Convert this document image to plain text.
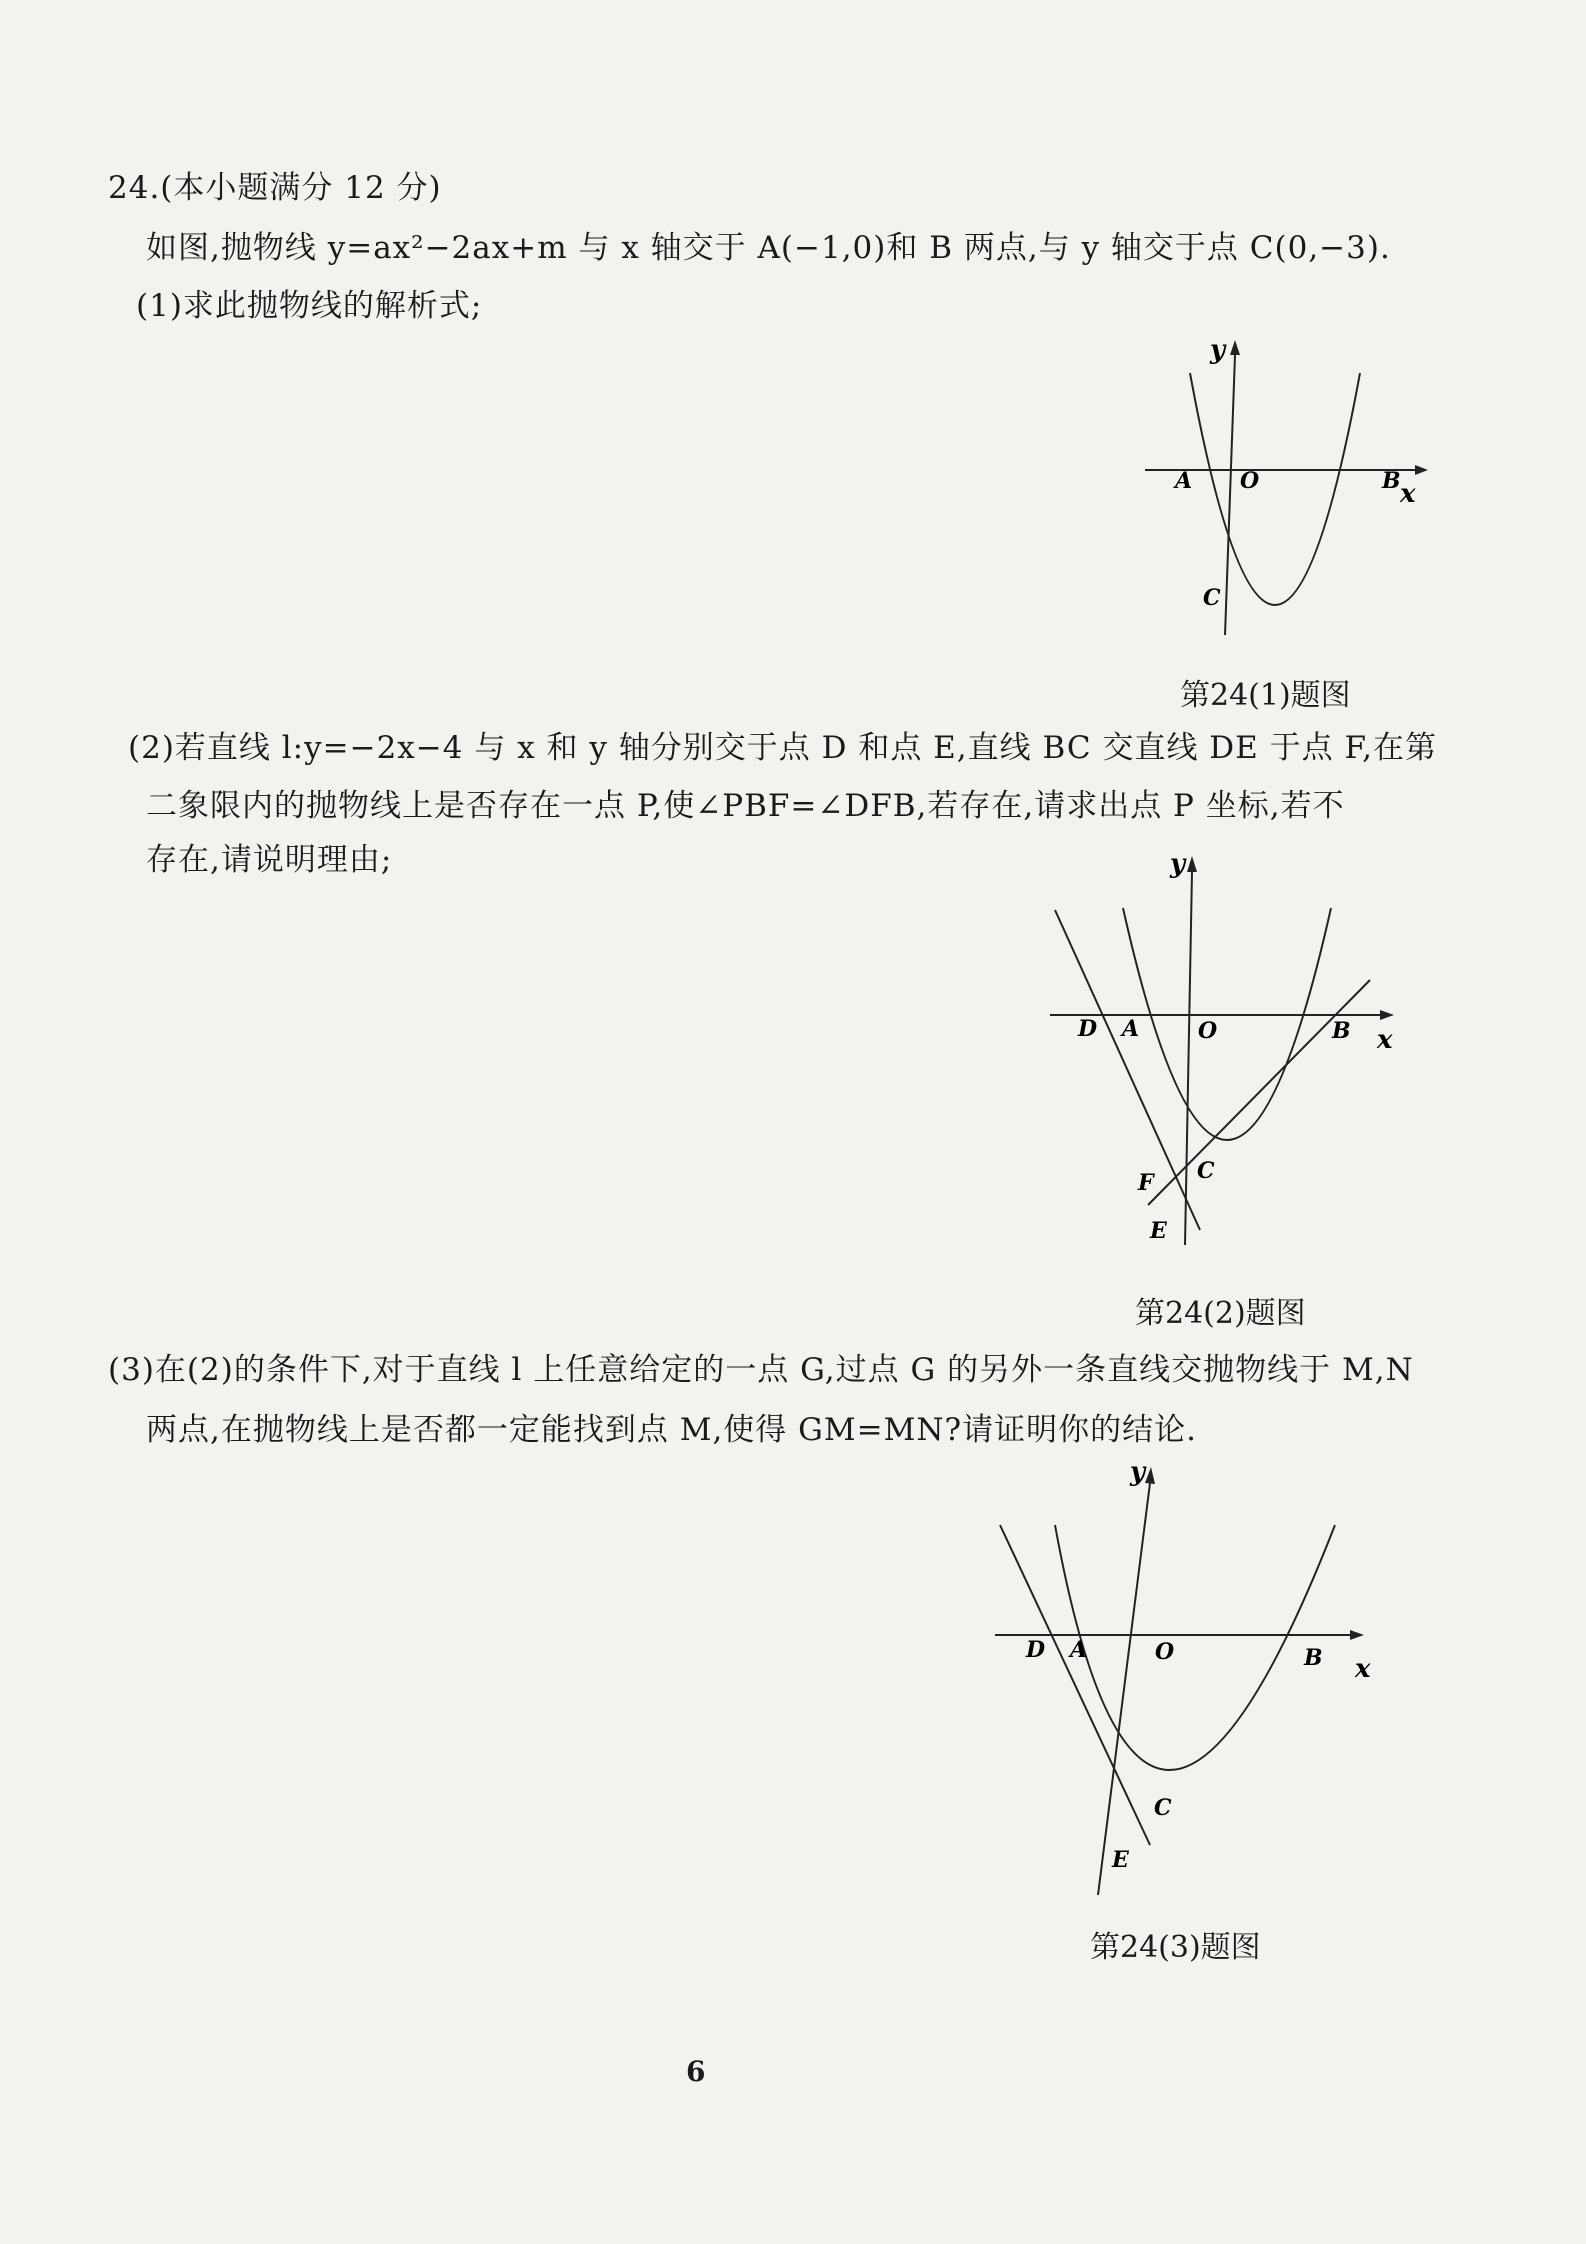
24.(本小题满分 12 分)
如图,抛物线 y=ax²−2ax+m 与 x 轴交于 A(−1,0)和 B 两点,与 y 轴交于点 C(0,−3).
(1)求此抛物线的解析式;
y
A O	B x
C
第24(1)题图
(2)若直线 l:y=−2x−4 与 x 和 y 轴分别交于点 D 和点 E,直线 BC 交直线 DE 于点 F,在第
二象限内的抛物线上是否存在一点 P,使∠PBF=∠DFB,若存在,请求出点 P 坐标,若不
存在,请说明理由;	y
D A	O	B x
C
F
E
第24(2)题图
(3)在(2)的条件下,对于直线 l 上任意给定的一点 G,过点 G 的另外一条直线交抛物线于 M,N
两点,在抛物线上是否都一定能找到点 M,使得 GM=MN?请证明你的结论.
y
D A	O	B x
C
E
第24(3)题图
6
